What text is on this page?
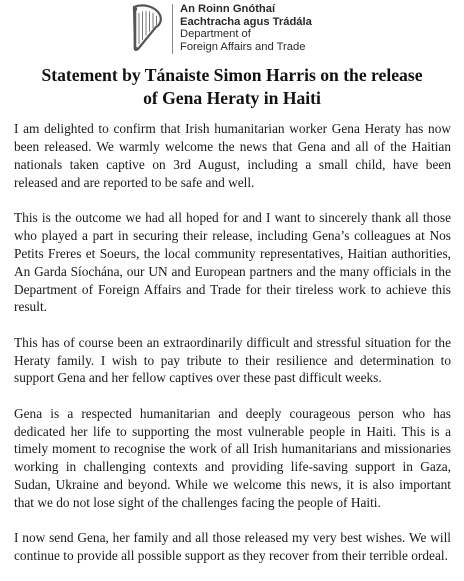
An Roinn Gnóthaí
Eachtracha agus Trádála
Department of
Foreign Affairs and Trade
Statement by Tánaiste Simon Harris on the release
of Gena Heraty in Haiti

I am delighted to confirm that Irish humanitarian worker Gena Heraty has now been released. We warmly welcome the news that Gena and all of the Haitian nationals taken captive on 3rd August, including a small child, have been released and are reported to be safe and well.

This is the outcome we had all hoped for and I want to sincerely thank all those who played a part in securing their release, including Gena’s colleagues at Nos Petits Freres et Soeurs, the local community representatives, Haitian authorities, An Garda Síochána, our UN and European partners and the many officials in the Department of Foreign Affairs and Trade for their tireless work to achieve this result.

This has of course been an extraordinarily difficult and stressful situation for the Heraty family. I wish to pay tribute to their resilience and determination to support Gena and her fellow captives over these past difficult weeks.

Gena is a respected humanitarian and deeply courageous person who has dedicated her life to supporting the most vulnerable people in Haiti. This is a timely moment to recognise the work of all Irish humanitarians and missionaries working in challenging contexts and providing life-saving support in Gaza, Sudan, Ukraine and beyond. While we welcome this news, it is also important that we do not lose sight of the challenges facing the people of Haiti.

I now send Gena, her family and all those released my very best wishes. We will continue to provide all possible support as they recover from their terrible ordeal.
